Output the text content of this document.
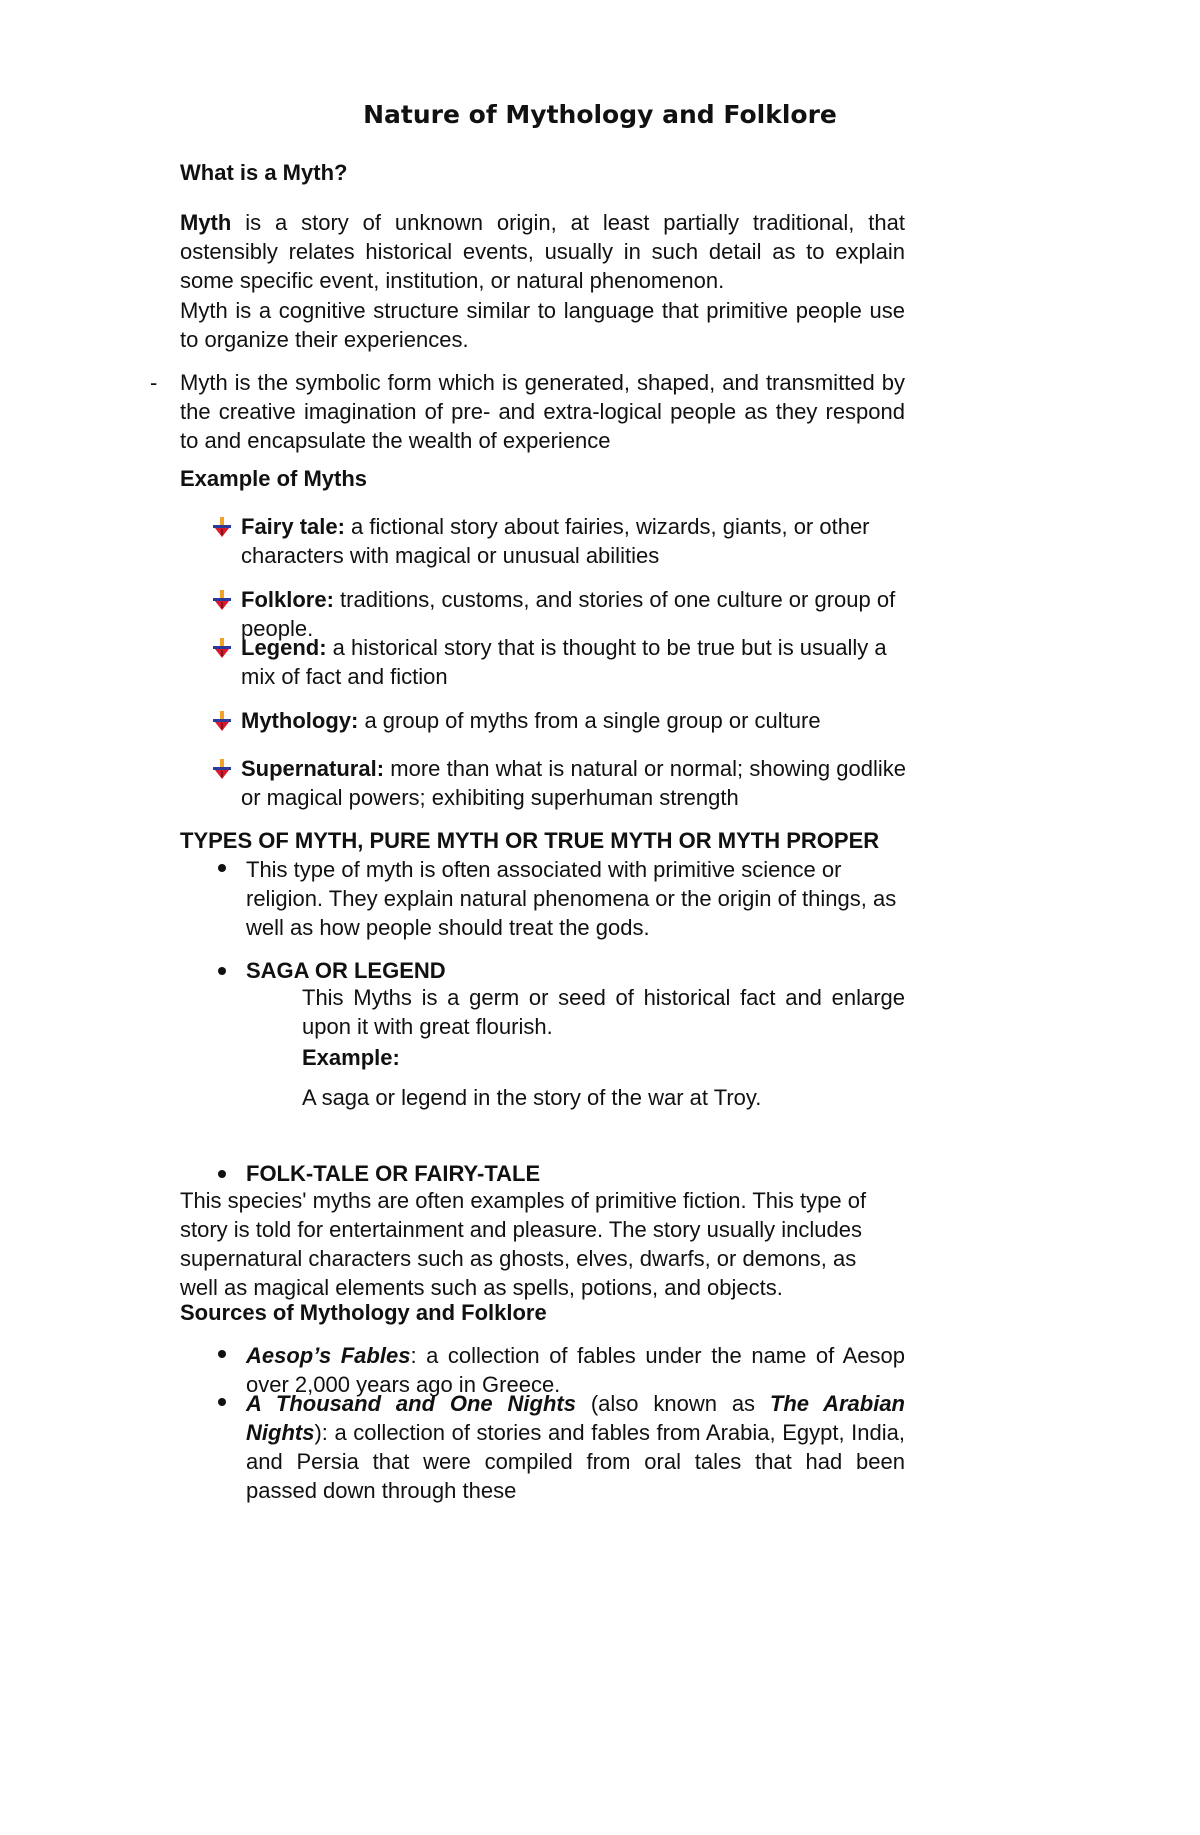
Nature of Mythology and Folklore
What is a Myth?
Myth is a story of unknown origin, at least partially traditional, that ostensibly relates historical events, usually in such detail as to explain some specific event, institution, or natural phenomenon.
Myth is a cognitive structure similar to language that primitive people use to organize their experiences.
- Myth is the symbolic form which is generated, shaped, and transmitted by the creative imagination of pre- and extra-logical people as they respond to and encapsulate the wealth of experience
Example of Myths
Fairy tale: a fictional story about fairies, wizards, giants, or other characters with magical or unusual abilities
Folklore: traditions, customs, and stories of one culture or group of people.
Legend: a historical story that is thought to be true but is usually a mix of fact and fiction
Mythology: a group of myths from a single group or culture
Supernatural: more than what is natural or normal; showing godlike or magical powers; exhibiting superhuman strength
TYPES OF MYTH, PURE MYTH OR TRUE MYTH OR MYTH PROPER
This type of myth is often associated with primitive science or religion. They explain natural phenomena or the origin of things, as well as how people should treat the gods.
SAGA OR LEGEND
This Myths is a germ or seed of historical fact and enlarge upon it with great flourish.
Example:
A saga or legend in the story of the war at Troy.
FOLK-TALE OR FAIRY-TALE
This species' myths are often examples of primitive fiction. This type of story is told for entertainment and pleasure. The story usually includes supernatural characters such as ghosts, elves, dwarfs, or demons, as well as magical elements such as spells, potions, and objects.
Sources of Mythology and Folklore
Aesop’s Fables: a collection of fables under the name of Aesop over 2,000 years ago in Greece.
A Thousand and One Nights (also known as The Arabian Nights): a collection of stories and fables from Arabia, Egypt, India, and Persia that were compiled from oral tales that had been passed down through these
